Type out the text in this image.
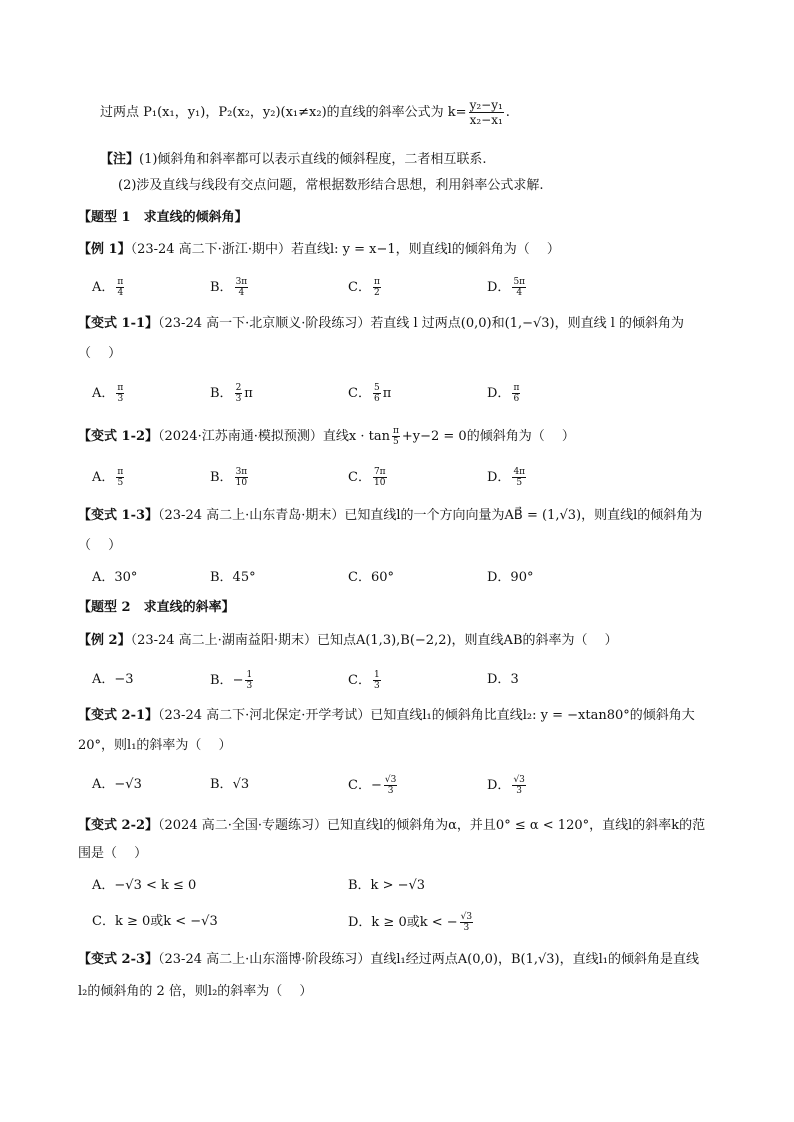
过两点 P₁(x₁，y₁)，P₂(x₂，y₂)(x₁≠x₂)的直线的斜率公式为 $k= \frac{\text{y₂−y₁}}{\text{x₂−x₁}}$ .
【注】(1)倾斜角和斜率都可以表示直线的倾斜程度，二者相互联系.
(2)涉及直线与线段有交点问题，常根据数形结合思想，利用斜率公式求解.
【题型 1　求直线的倾斜角】
【例 1】（23-24 高二下·浙江·期中）若直线l: y = x−1，则直线l的倾斜角为（　 ）
A． $\frac{\pi}{4}$	B． $\frac{3\pi}{4}$	C． $\frac{\pi}{2}$	D． $\frac{5\pi}{4}$
【变式 1-1】（23-24 高一下·北京顺义·阶段练习）若直线 l 过两点(0,0)和(1,−√3)，则直线 l 的倾斜角为
（　 ）
A． $\frac{\pi}{3}$	B． $\frac{2}{3}$ π	C． $\frac{5}{6}$ π	D． $\frac{\pi}{6}$
【变式 1-2】（2024·江苏南通·模拟预测）直线$x \cdot \tan \frac{\pi}{5} +y-2 = 0$的倾斜角为（　 ）
A． $\frac{\pi}{5}$	B． $\frac{3\pi}{10}$	C． $\frac{7\pi}{10}$	D． $\frac{4\pi}{5}$
【变式 1-3】（23-24 高二上·山东青岛·期末）已知直线l的一个方向向量为AB⃗ = (1,√3)，则直线l的倾斜角为
（　 ）
A．30°	B．45°	C．60°	D．90°
【题型 2　求直线的斜率】
【例 2】（23-24 高二上·湖南益阳·期末）已知点A(1,3),B(−2,2)，则直线AB的斜率为（　 ）
A．−3	B．− $\frac{1}{3}$	C． $\frac{1}{3}$	D．3
【变式 2-1】（23-24 高二下·河北保定·开学考试）已知直线l₁的倾斜角比直线l₂: y = −xtan80°的倾斜角大
20°，则l₁的斜率为（　 ）
A．−√3	B．√3	C．− $\frac{√3}{3}$	D． $\frac{√3}{3}$
【变式 2-2】（2024 高二·全国·专题练习）已知直线l的倾斜角为α，并且0° ≤ α < 120°，直线l的斜率k的范
围是（　 ）
A．−√3 < k ≤ 0	B．k > −√3
C．k ≥ 0或k < −√3	D．k ≥ 0或k < − $\frac{√3}{3}$
【变式 2-3】（23-24 高二上·山东淄博·阶段练习）直线l₁经过两点A(0,0)，B(1,√3)，直线l₁的倾斜角是直线
l₂的倾斜角的 2 倍，则l₂的斜率为（　 ）
